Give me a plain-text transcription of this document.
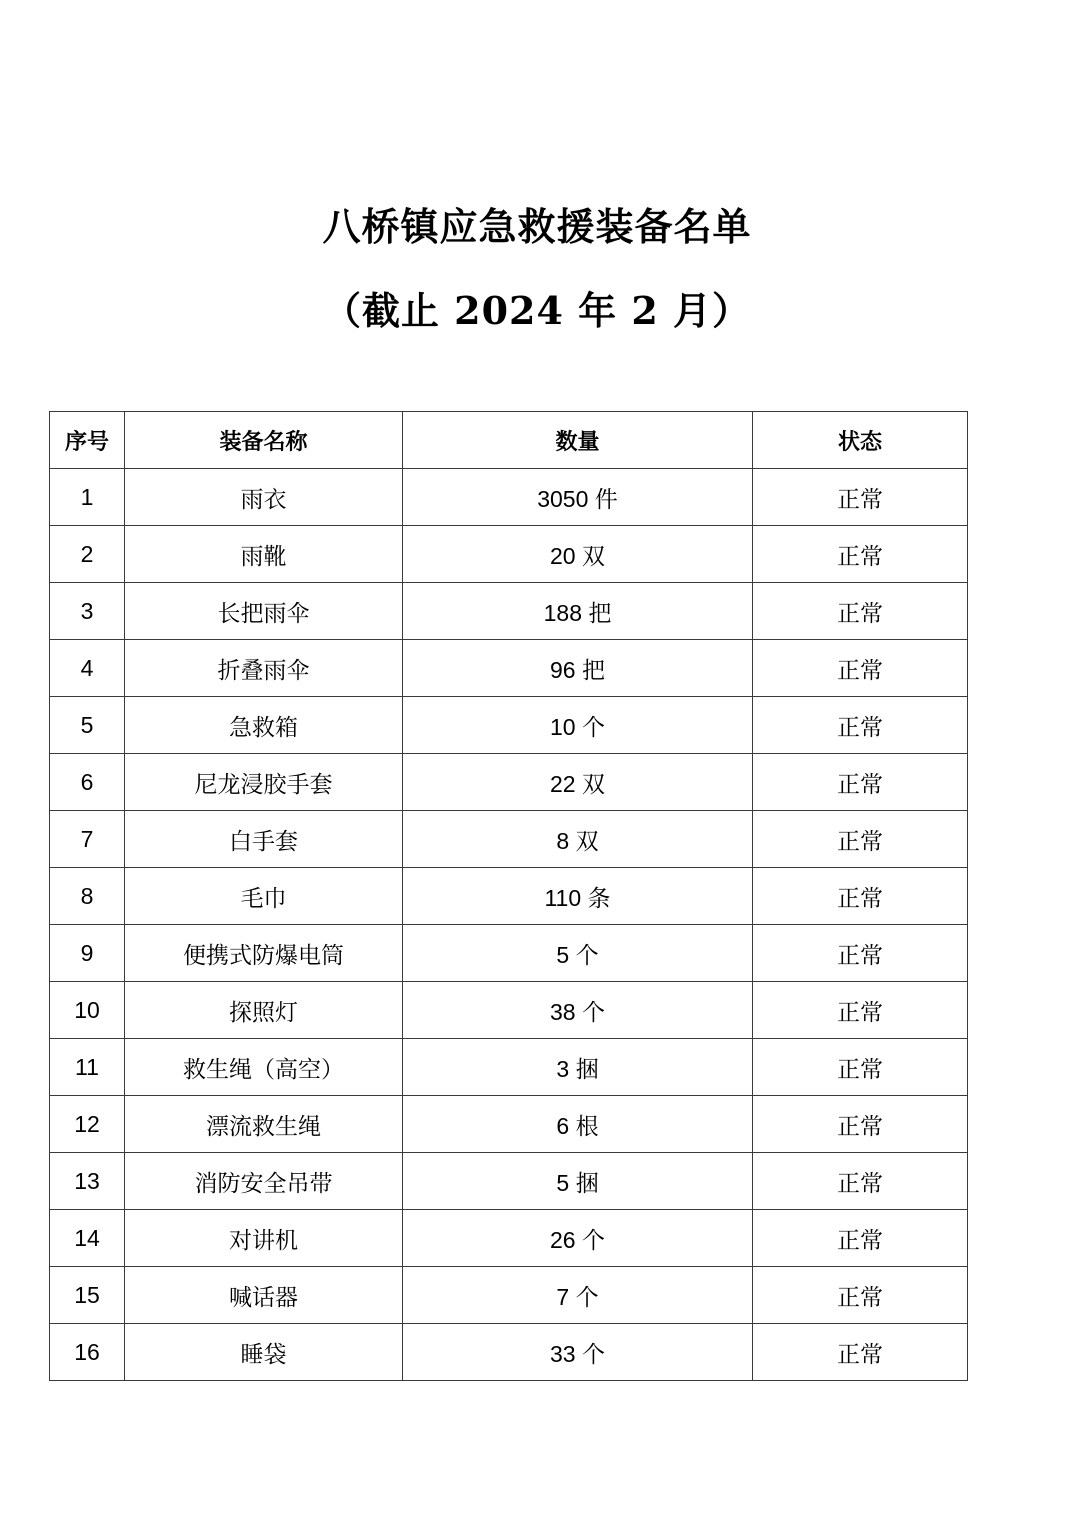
八桥镇应急救援装备名单
（截止 2024 年 2 月）
序号	装备名称	数量	状态
1	雨衣	3050 件	正常
2	雨靴	20 双	正常
3	长把雨伞	188 把	正常
4	折叠雨伞	96 把	正常
5	急救箱	10 个	正常
6	尼龙浸胶手套	22 双	正常
7	白手套	8 双	正常
8	毛巾	110 条	正常
9	便携式防爆电筒	5 个	正常
10	探照灯	38 个	正常
11	救生绳（高空）	3 捆	正常
12	漂流救生绳	6 根	正常
13	消防安全吊带	5 捆	正常
14	对讲机	26 个	正常
15	喊话器	7 个	正常
16	睡袋	33 个	正常
